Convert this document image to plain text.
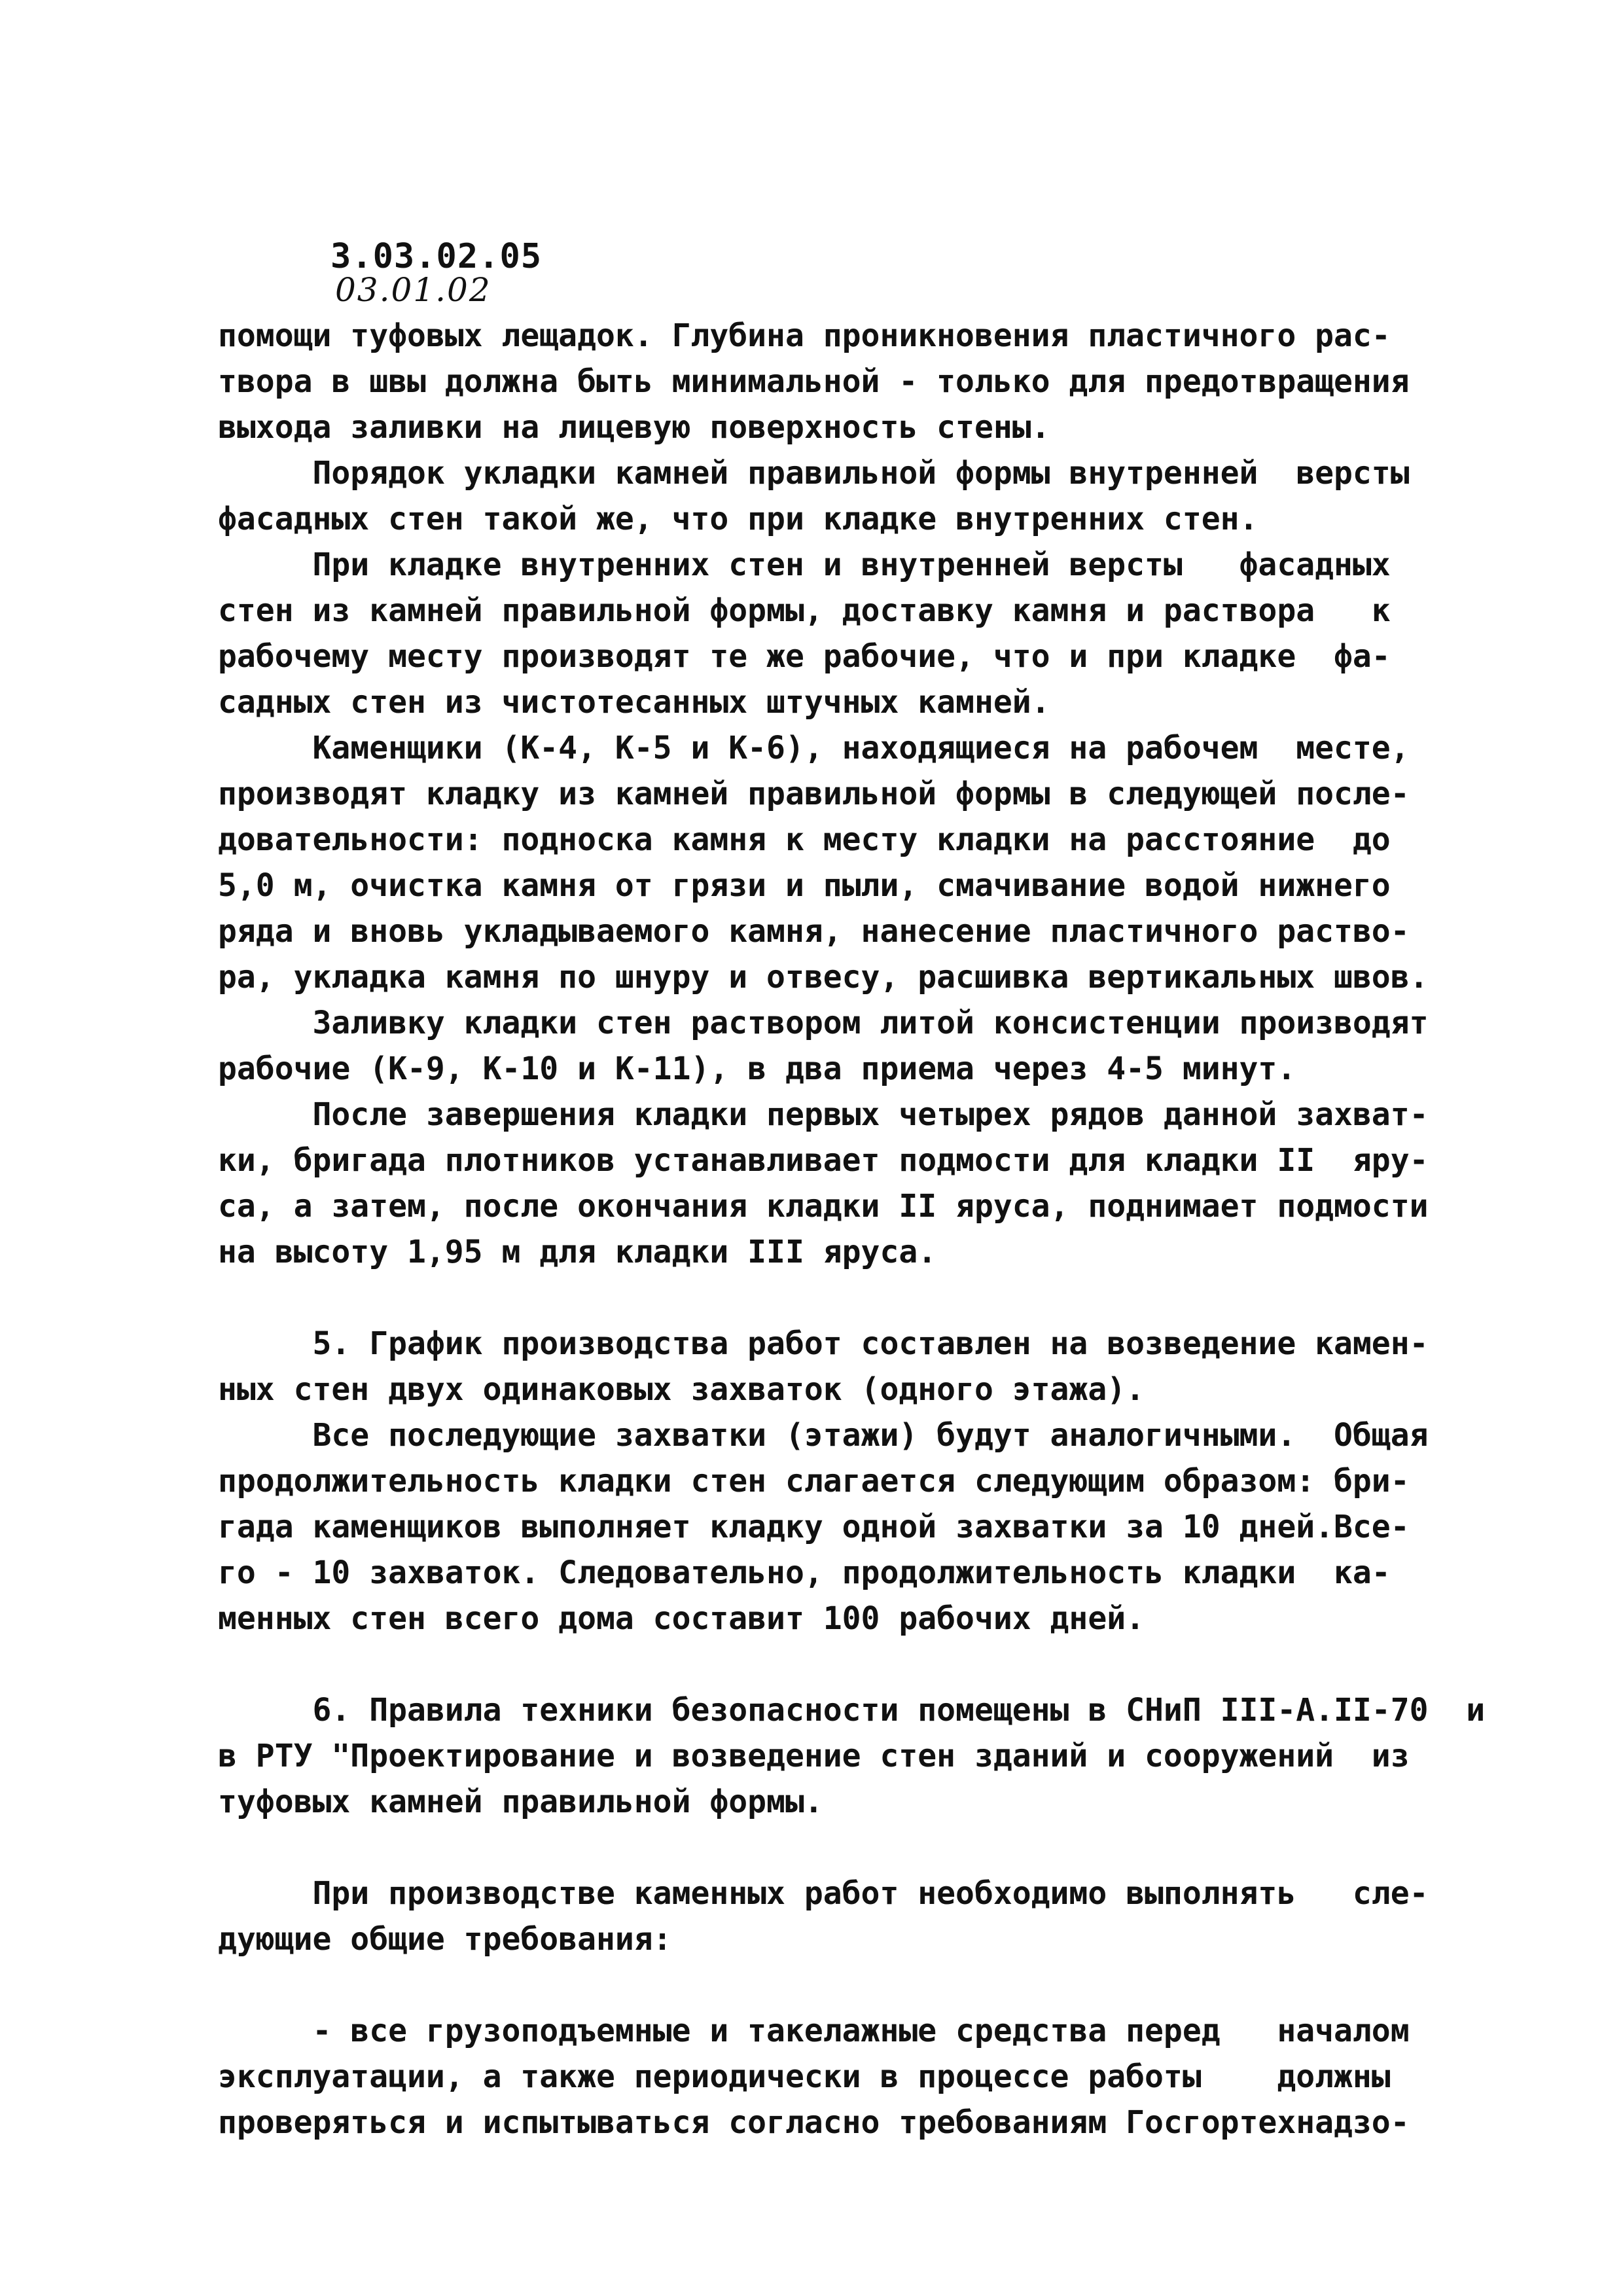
3.03.02.05
03.01.02

помощи туфовых лещадок. Глубина проникновения пластичного рас-

твора в швы должна быть минимальной - только для предотвращения

выхода заливки на лицевую поверхность стены.

Порядок укладки камней правильной формы внутренней  версты

фасадных стен такой же, что при кладке внутренних стен.

При кладке внутренних стен и внутренней версты   фасадных

стен из камней правильной формы, доставку камня и раствора   к

рабочему месту производят те же рабочие, что и при кладке  фа-

садных стен из чистотесанных штучных камней.

Каменщики (К-4, К-5 и К-6), находящиеся на рабочем  месте,

производят кладку из камней правильной формы в следующей после-

довательности: подноска камня к месту кладки на расстояние  до

5,0 м, очистка камня от грязи и пыли, смачивание водой нижнего

ряда и вновь укладываемого камня, нанесение пластичного раство-

ра, укладка камня по шнуру и отвесу, расшивка вертикальных швов.

Заливку кладки стен раствором литой консистенции производят

рабочие (К-9, К-10 и К-11), в два приема через 4-5 минут.

После завершения кладки первых четырех рядов данной захват-

ки, бригада плотников устанавливает подмости для кладки II  яру-

са, а затем, после окончания кладки II яруса, поднимает подмости

на высоту 1,95 м для кладки III яруса.

5. График производства работ составлен на возведение камен-

ных стен двух одинаковых захваток (одного этажа).

Все последующие захватки (этажи) будут аналогичными.  Общая

продолжительность кладки стен слагается следующим образом: бри-

гада каменщиков выполняет кладку одной захватки за 10 дней.Все-

го - 10 захваток. Следовательно, продолжительность кладки  ка-

менных стен всего дома составит 100 рабочих дней.

6. Правила техники безопасности помещены в СНиП III-А.II-70  и

в РТУ "Проектирование и возведение стен зданий и сооружений  из

туфовых камней правильной формы.

При производстве каменных работ необходимо выполнять   сле-

дующие общие требования:

- все грузоподъемные и такелажные средства перед   началом

эксплуатации, а также периодически в процессе работы    должны

проверяться и испытываться согласно требованиям Госгортехнадзо-
